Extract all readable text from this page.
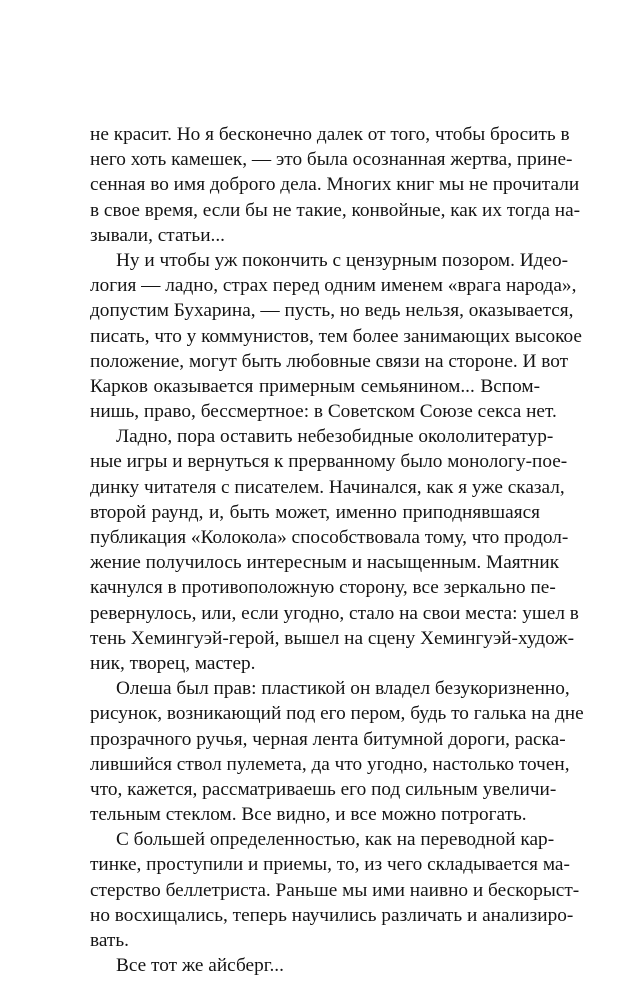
не красит. Но я бесконечно далек от того, чтобы бросить в
него хоть камешек, — это была осознанная жертва, прине-
сенная во имя доброго дела. Многих книг мы не прочитали
в свое время, если бы не такие, конвойные, как их тогда на-
зывали, статьи...
Ну и чтобы уж покончить с цензурным позором. Идео-
логия — ладно, страх перед одним именем «врага народа»,
допустим Бухарина, — пусть, но ведь нельзя, оказывается,
писать, что у коммунистов, тем более занимающих высокое
положение, могут быть любовные связи на стороне. И вот
Карков оказывается примерным семьянином... Вспом-
нишь, право, бессмертное: в Советском Союзе секса нет.
Ладно, пора оставить небезобидные окололитератур-
ные игры и вернуться к прерванному было монологу-пое-
динку читателя с писателем. Начинался, как я уже сказал,
второй раунд, и, быть может, именно приподнявшаяся
публикация «Колокола» способствовала тому, что продол-
жение получилось интересным и насыщенным. Маятник
качнулся в противоположную сторону, все зеркально пе-
ревернулось, или, если угодно, стало на свои места: ушел в
тень Хемингуэй-герой, вышел на сцену Хемингуэй-худож-
ник, творец, мастер.
Олеша был прав: пластикой он владел безукоризненно,
рисунок, возникающий под его пером, будь то галька на дне
прозрачного ручья, черная лента битумной дороги, раска-
лившийся ствол пулемета, да что угодно, настолько точен,
что, кажется, рассматриваешь его под сильным увеличи-
тельным стеклом. Все видно, и все можно потрогать.
С большей определенностью, как на переводной кар-
тинке, проступили и приемы, то, из чего складывается ма-
стерство беллетриста. Раньше мы ими наивно и бескорыст-
но восхищались, теперь научились различать и анализиро-
вать.
Все тот же айсберг...
